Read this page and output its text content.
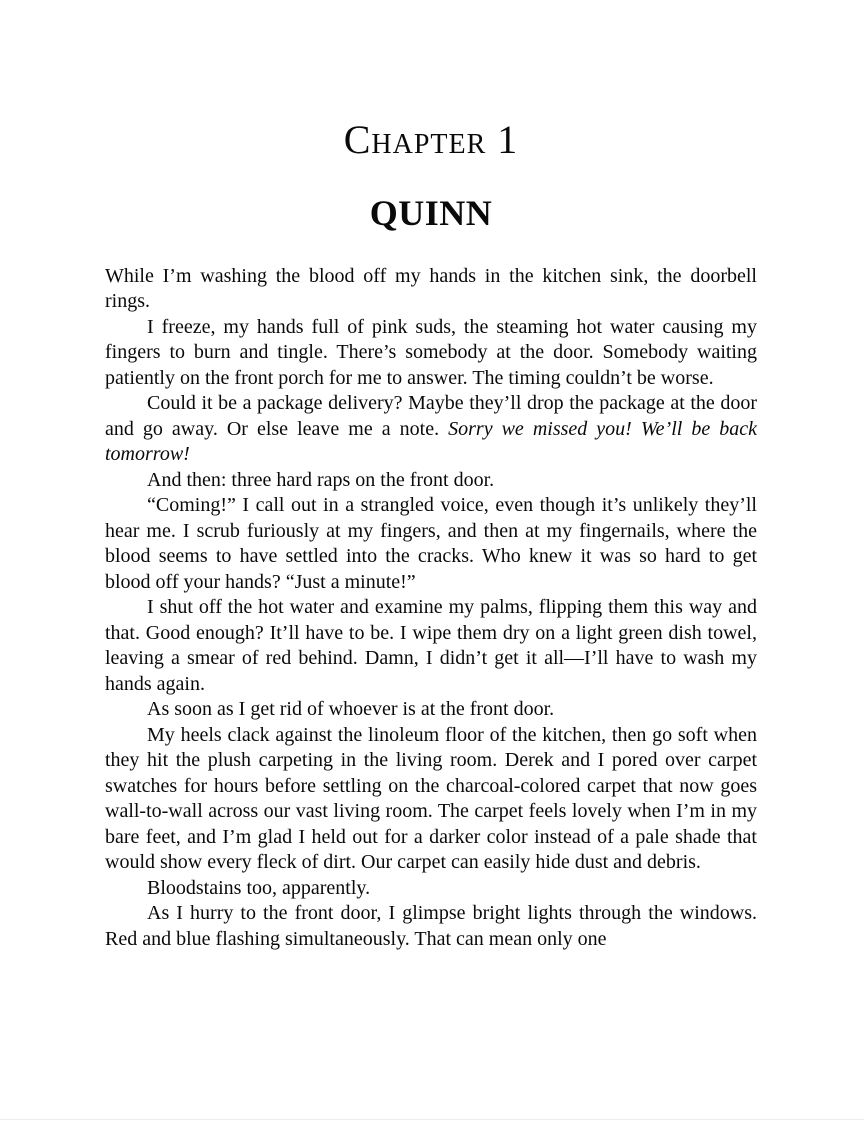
Chapter 1
QUINN

While I’m washing the blood off my hands in the kitchen sink, the doorbell rings.

I freeze, my hands full of pink suds, the steaming hot water causing my fingers to burn and tingle. There’s somebody at the door. Somebody waiting patiently on the front porch for me to answer. The timing couldn’t be worse.

Could it be a package delivery? Maybe they’ll drop the package at the door and go away. Or else leave me a note. Sorry we missed you! We’ll be back tomorrow!

And then: three hard raps on the front door.

“Coming!” I call out in a strangled voice, even though it’s unlikely they’ll hear me. I scrub furiously at my fingers, and then at my fingernails, where the blood seems to have settled into the cracks. Who knew it was so hard to get blood off your hands? “Just a minute!”

I shut off the hot water and examine my palms, flipping them this way and that. Good enough? It’ll have to be. I wipe them dry on a light green dish towel, leaving a smear of red behind. Damn, I didn’t get it all—I’ll have to wash my hands again.

As soon as I get rid of whoever is at the front door.

My heels clack against the linoleum floor of the kitchen, then go soft when they hit the plush carpeting in the living room. Derek and I pored over carpet swatches for hours before settling on the charcoal-colored carpet that now goes wall-to-wall across our vast living room. The carpet feels lovely when I’m in my bare feet, and I’m glad I held out for a darker color instead of a pale shade that would show every fleck of dirt. Our carpet can easily hide dust and debris.

Bloodstains too, apparently.

As I hurry to the front door, I glimpse bright lights through the windows. Red and blue flashing simultaneously. That can mean only one
